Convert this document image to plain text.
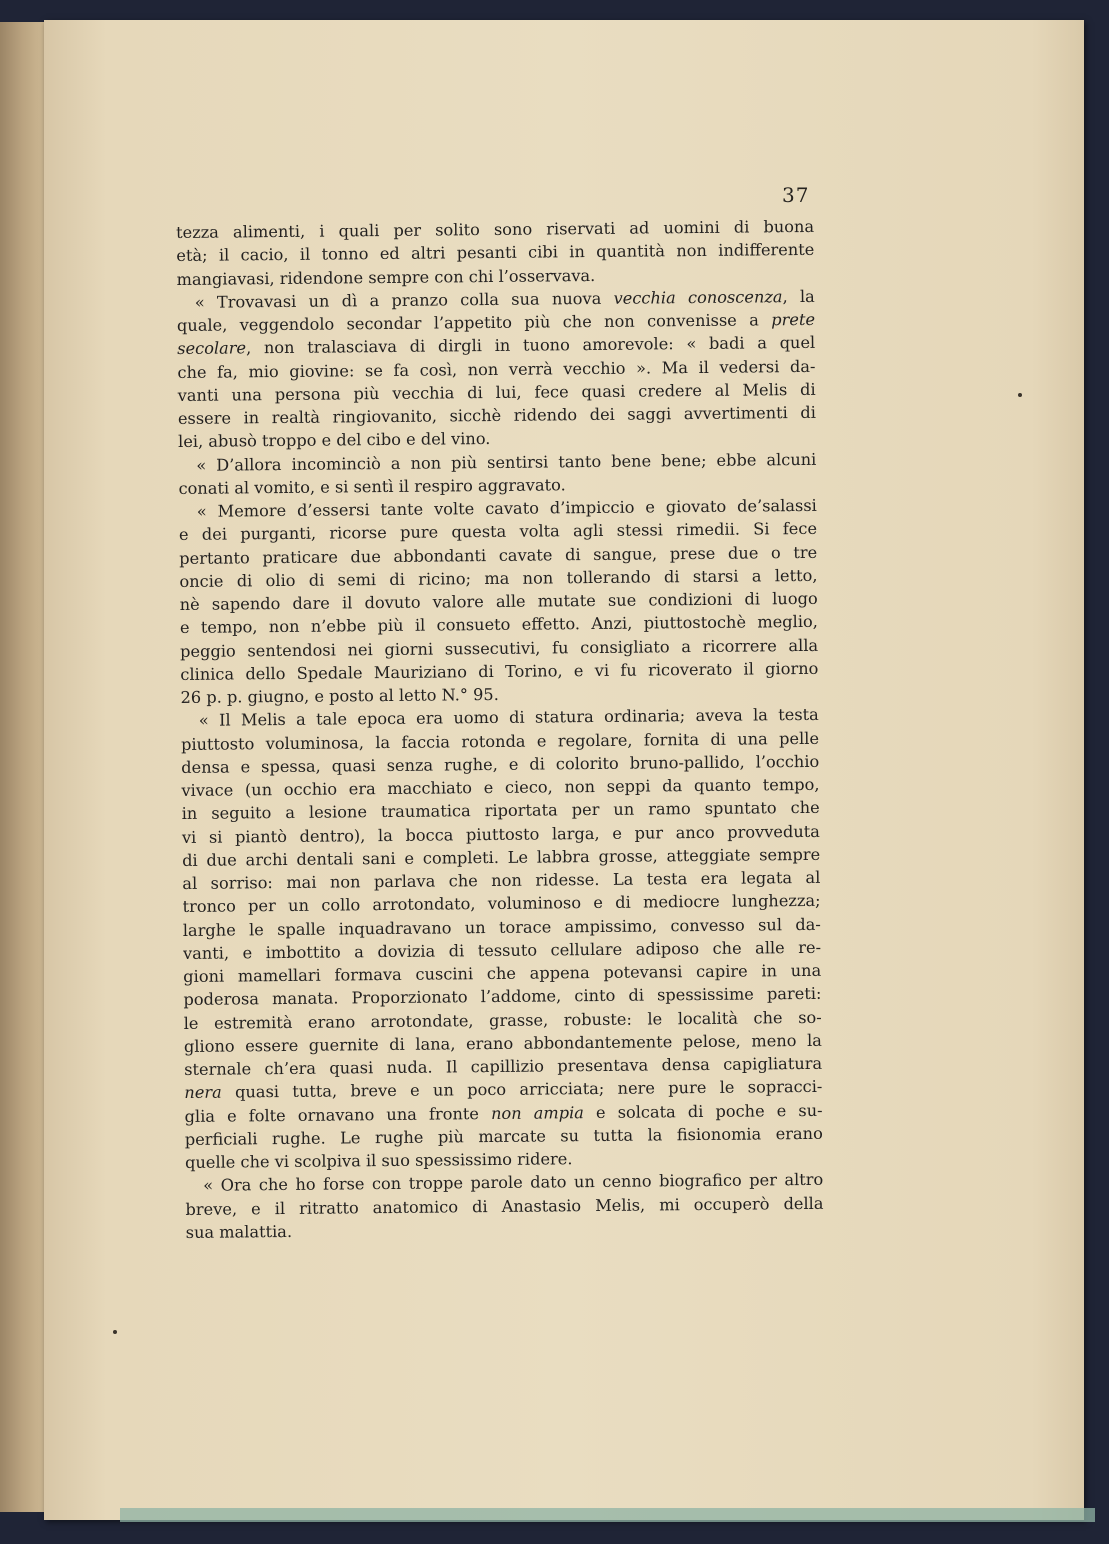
37
tezza alimenti, i quali per solito sono riservati ad uomini di buona
età; il cacio, il tonno ed altri pesanti cibi in quantità non indifferente
mangiavasi, ridendone sempre con chi l’osservava.
« Trovavasi un dì a pranzo colla sua nuova vecchia conoscenza, la
quale, veggendolo secondar l’appetito più che non convenisse a prete
secolare, non tralasciava di dirgli in tuono amorevole: « badi a quel
che fa, mio giovine: se fa così, non verrà vecchio ». Ma il vedersi da-
vanti una persona più vecchia di lui, fece quasi credere al Melis di
essere in realtà ringiovanito, sicchè ridendo dei saggi avvertimenti di
lei, abusò troppo e del cibo e del vino.
« D’allora incominciò a non più sentirsi tanto bene bene; ebbe alcuni
conati al vomito, e si sentì il respiro aggravato.
« Memore d’essersi tante volte cavato d’impiccio e giovato de’salassi
e dei purganti, ricorse pure questa volta agli stessi rimedii. Si fece
pertanto praticare due abbondanti cavate di sangue, prese due o tre
oncie di olio di semi di ricino; ma non tollerando di starsi a letto,
nè sapendo dare il dovuto valore alle mutate sue condizioni di luogo
e tempo, non n’ebbe più il consueto effetto. Anzi, piuttostochè meglio,
peggio sentendosi nei giorni sussecutivi, fu consigliato a ricorrere alla
clinica dello Spedale Mauriziano di Torino, e vi fu ricoverato il giorno
26 p. p. giugno, e posto al letto N.° 95.
« Il Melis a tale epoca era uomo di statura ordinaria; aveva la testa
piuttosto voluminosa, la faccia rotonda e regolare, fornita di una pelle
densa e spessa, quasi senza rughe, e di colorito bruno-pallido, l’occhio
vivace (un occhio era macchiato e cieco, non seppi da quanto tempo,
in seguito a lesione traumatica riportata per un ramo spuntato che
vi si piantò dentro), la bocca piuttosto larga, e pur anco provveduta
di due archi dentali sani e completi. Le labbra grosse, atteggiate sempre
al sorriso: mai non parlava che non ridesse. La testa era legata al
tronco per un collo arrotondato, voluminoso e di mediocre lunghezza;
larghe le spalle inquadravano un torace ampissimo, convesso sul da-
vanti, e imbottito a dovizia di tessuto cellulare adiposo che alle re-
gioni mamellari formava cuscini che appena potevansi capire in una
poderosa manata. Proporzionato l’addome, cinto di spessissime pareti:
le estremità erano arrotondate, grasse, robuste: le località che so-
gliono essere guernite di lana, erano abbondantemente pelose, meno la
sternale ch’era quasi nuda. Il capillizio presentava densa capigliatura
nera quasi tutta, breve e un poco arricciata; nere pure le sopracci-
glia e folte ornavano una fronte non ampia e solcata di poche e su-
perficiali rughe. Le rughe più marcate su tutta la fisionomia erano
quelle che vi scolpiva il suo spessissimo ridere.
« Ora che ho forse con troppe parole dato un cenno biografico per altro
breve, e il ritratto anatomico di Anastasio Melis, mi occuperò della
sua malattia.
